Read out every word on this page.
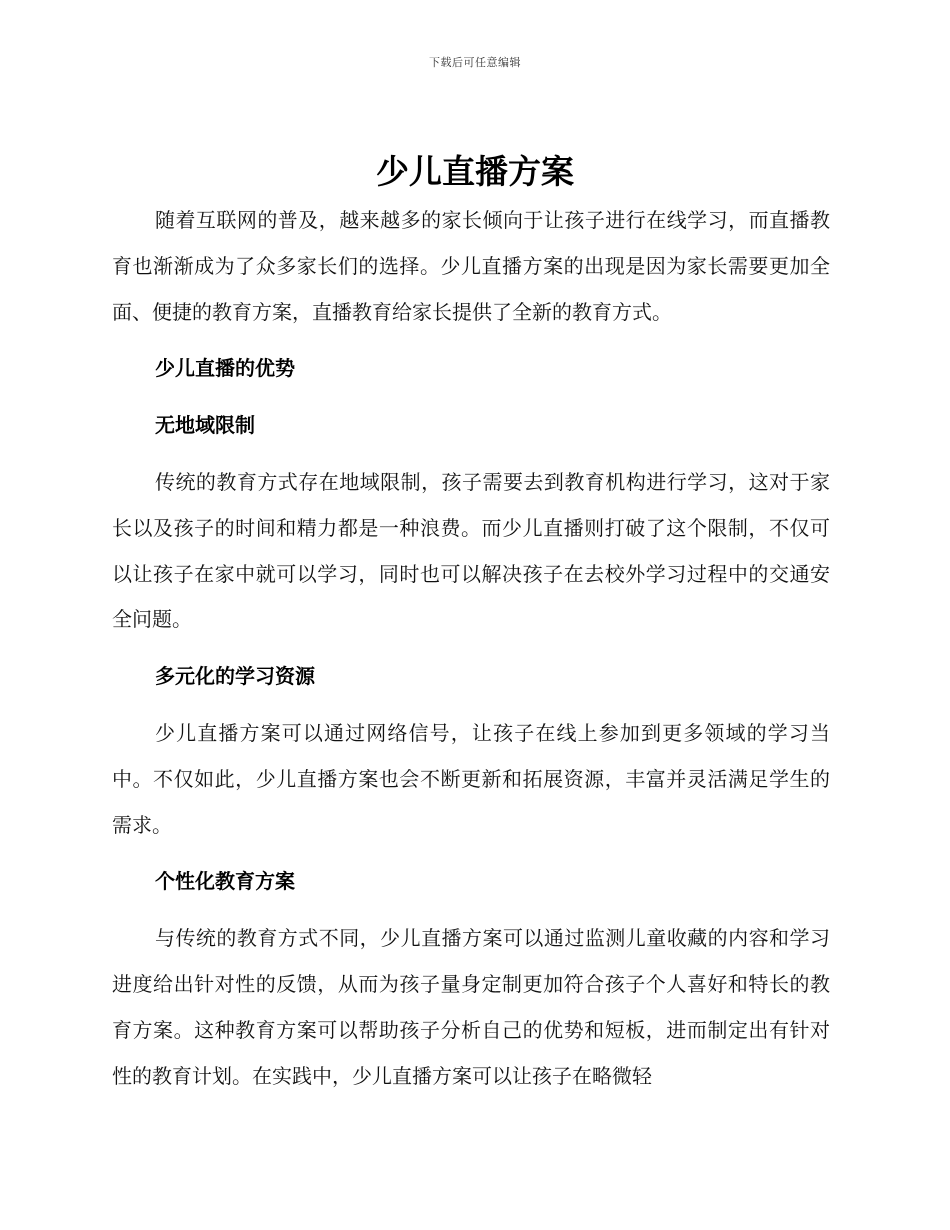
下载后可任意编辑
少儿直播方案

随着互联网的普及，越来越多的家长倾向于让孩子进行在线学习，而直播教育也渐渐成为了众多家长们的选择。少儿直播方案的出现是因为家长需要更加全面、便捷的教育方案，直播教育给家长提供了全新的教育方式。

少儿直播的优势
无地域限制

传统的教育方式存在地域限制，孩子需要去到教育机构进行学习，这对于家长以及孩子的时间和精力都是一种浪费。而少儿直播则打破了这个限制，不仅可以让孩子在家中就可以学习，同时也可以解决孩子在去校外学习过程中的交通安全问题。

多元化的学习资源

少儿直播方案可以通过网络信号，让孩子在线上参加到更多领域的学习当中。不仅如此，少儿直播方案也会不断更新和拓展资源，丰富并灵活满足学生的需求。

个性化教育方案

与传统的教育方式不同，少儿直播方案可以通过监测儿童收藏的内容和学习进度给出针对性的反馈，从而为孩子量身定制更加符合孩子个人喜好和特长的教育方案。这种教育方案可以帮助孩子分析自己的优势和短板，进而制定出有针对性的教育计划。在实践中，少儿直播方案可以让孩子在略微轻
